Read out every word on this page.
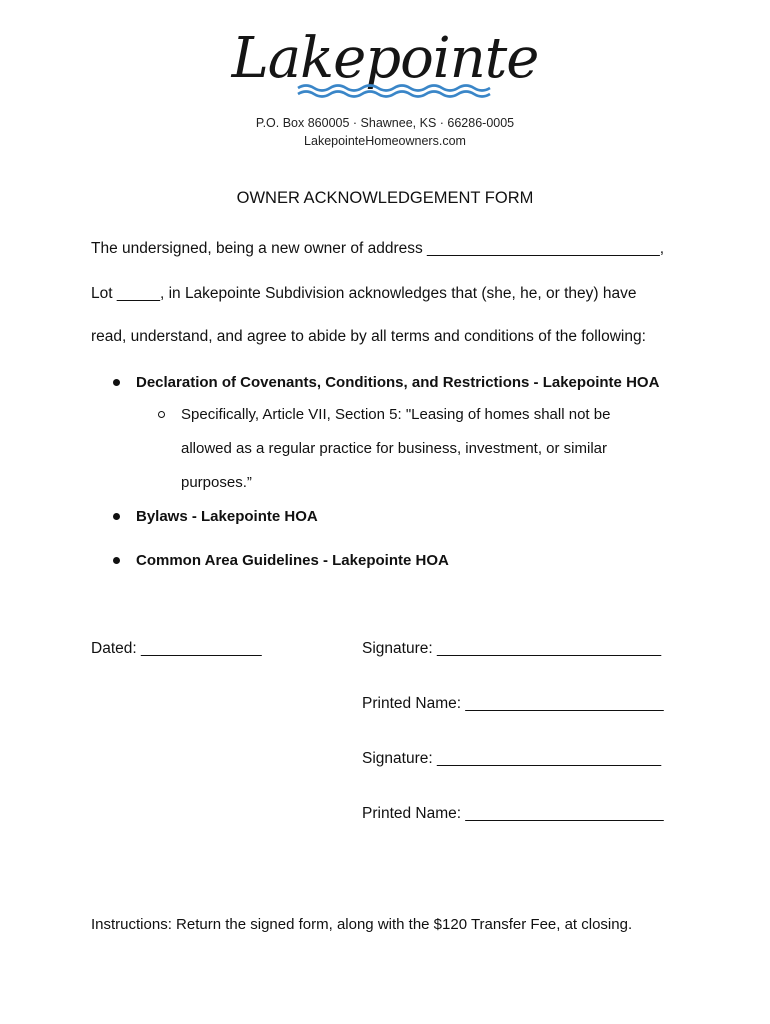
Lakepointe
P.O. Box 860005 · Shawnee, KS · 66286-0005
LakepointeHomeowners.com
OWNER ACKNOWLEDGEMENT FORM
The undersigned, being a new owner of address ___________________________,
Lot _____, in Lakepointe Subdivision acknowledges that (she, he, or they) have
read, understand, and agree to abide by all terms and conditions of the following:
Declaration of Covenants, Conditions, and Restrictions - Lakepointe HOA
Specifically, Article VII, Section 5: "Leasing of homes shall not be
allowed as a regular practice for business, investment, or similar
purposes.”
Bylaws - Lakepointe HOA
Common Area Guidelines - Lakepointe HOA
Dated: ______________	Signature: __________________________
Printed Name: _______________________
Signature: __________________________
Printed Name: _______________________
Instructions: Return the signed form, along with the $120 Transfer Fee, at closing.
